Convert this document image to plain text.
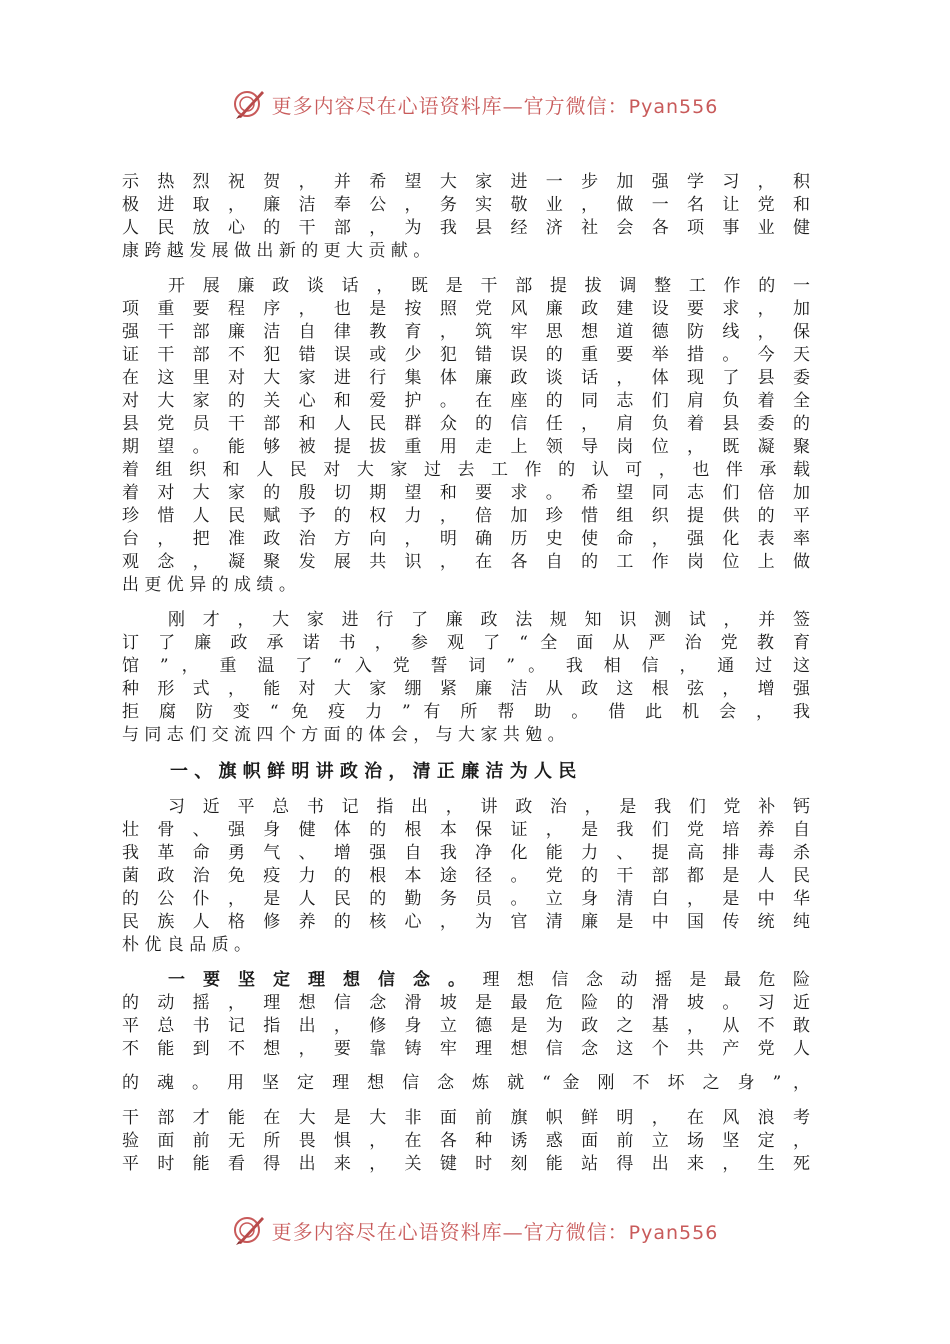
更多内容尽在心语资料库—官方微信：Pyan556
示 热 烈 祝 贺 ， 并 希 望 大 家 进 一 步 加 强 学 习 ， 积
极 进 取 ， 廉 洁 奉 公 ， 务 实 敬 业 ， 做 一 名 让 党 和
人 民 放 心 的 干 部 ， 为 我 县 经 济 社 会 各 项 事 业 健
康 跨 越 发 展 做 出 新 的 更 大 贡 献 。
开 展 廉 政 谈 话 ， 既 是 干 部 提 拔 调 整 工 作 的 一
项 重 要 程 序 ， 也 是 按 照 党 风 廉 政 建 设 要 求 ， 加
强 干 部 廉 洁 自 律 教 育 ， 筑 牢 思 想 道 德 防 线 ， 保
证 干 部 不 犯 错 误 或 少 犯 错 误 的 重 要 举 措 。 今 天
在 这 里 对 大 家 进 行 集 体 廉 政 谈 话 ， 体 现 了 县 委
对 大 家 的 关 心 和 爱 护 。 在 座 的 同 志 们 肩 负 着 全
县 党 员 干 部 和 人 民 群 众 的 信 任 ， 肩 负 着 县 委 的
期 望 。 能 够 被 提 拔 重 用 走 上 领 导 岗 位 ， 既 凝 聚
着 组 织 和 人 民 对 大 家 过 去 工 作 的 认 可 ， 也 伴 承 载
着 对 大 家 的 殷 切 期 望 和 要 求 。 希 望 同 志 们 倍 加
珍 惜 人 民 赋 予 的 权 力 ， 倍 加 珍 惜 组 织 提 供 的 平
台 ， 把 准 政 治 方 向 ， 明 确 历 史 使 命 ， 强 化 表 率
观 念 ， 凝 聚 发 展 共 识 ， 在 各 自 的 工 作 岗 位 上 做
出 更 优 异 的 成 绩 。
刚 才 ， 大 家 进 行 了 廉 政 法 规 知 识 测 试 ， 并 签
订 了 廉 政 承 诺 书 ， 参 观 了 “ 全 面 从 严 治 党 教 育
馆 ” ， 重 温 了 “ 入 党 誓 词 ” 。 我 相 信 ， 通 过 这
种 形 式 ， 能 对 大 家 绷 紧 廉 洁 从 政 这 根 弦 ， 增 强
拒 腐 防 变 “ 免 疫 力 ” 有 所 帮 助 。 借 此 机 会 ， 我
与 同 志 们 交 流 四 个 方 面 的 体 会 ， 与 大 家 共 勉 。
一 、 旗 帜 鲜 明 讲 政 治 ， 清 正 廉 洁 为 人 民
习 近 平 总 书 记 指 出 ， 讲 政 治 ， 是 我 们 党 补 钙
壮 骨 、 强 身 健 体 的 根 本 保 证 ， 是 我 们 党 培 养 自
我 革 命 勇 气 、 增 强 自 我 净 化 能 力 、 提 高 排 毒 杀
菌 政 治 免 疫 力 的 根 本 途 径 。 党 的 干 部 都 是 人 民
的 公 仆 ， 是 人 民 的 勤 务 员 。 立 身 清 白 ， 是 中 华
民 族 人 格 修 养 的 核 心 ， 为 官 清 廉 是 中 国 传 统 纯
朴 优 良 品 质 。
一 要 坚 定 理 想 信 念 。 理 想 信 念 动 摇 是 最 危 险
的 动 摇 ， 理 想 信 念 滑 坡 是 最 危 险 的 滑 坡 。 习 近
平 总 书 记 指 出 ， 修 身 立 德 是 为 政 之 基 ， 从 不 敢
不 能 到 不 想 ， 要 靠 铸 牢 理 想 信 念 这 个 共 产 党 人
的 魂 。 用 坚 定 理 想 信 念 炼 就 “ 金 刚 不 坏 之 身 ” ，
干 部 才 能 在 大 是 大 非 面 前 旗 帜 鲜 明 ， 在 风 浪 考
验 面 前 无 所 畏 惧 ， 在 各 种 诱 惑 面 前 立 场 坚 定 ，
平 时 能 看 得 出 来 ， 关 键 时 刻 能 站 得 出 来 ， 生 死
更多内容尽在心语资料库—官方微信：Pyan556
